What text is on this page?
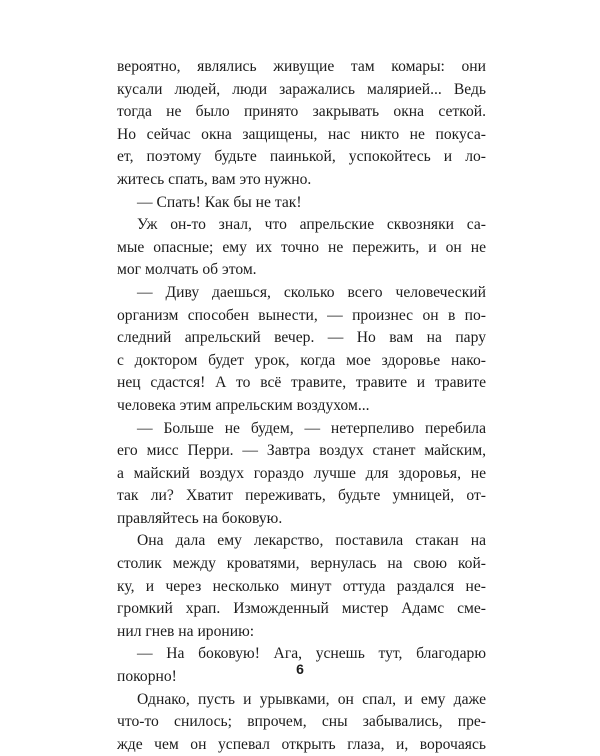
вероятно, являлись живущие там комары: они
кусали людей, люди заражались малярией... Ведь
тогда не было принято закрывать окна сеткой.
Но сейчас окна защищены, нас никто не покуса-
ет, поэтому будьте паинькой, успокойтесь и ло-
житесь спать, вам это нужно.
— Спать! Как бы не так!
Уж он-то знал, что апрельские сквозняки са-
мые опасные; ему их точно не пережить, и он не
мог молчать об этом.
— Диву даешься, сколько всего человеческий
организм способен вынести, — произнес он в по-
следний апрельский вечер. — Но вам на пару
с доктором будет урок, когда мое здоровье нако-
нец сдастся! А то всё травите, травите и травите
человека этим апрельским воздухом...
— Больше не будем, — нетерпеливо перебила
его мисс Перри. — Завтра воздух станет майским,
а майский воздух гораздо лучше для здоровья, не
так ли? Хватит переживать, будьте умницей, от-
правляйтесь на боковую.
Она дала ему лекарство, поставила стакан на
столик между кроватями, вернулась на свою кой-
ку, и через несколько минут оттуда раздался не-
громкий храп. Изможденный мистер Адамс сме-
нил гнев на иронию:
— На боковую! Ага, уснешь тут, благодарю
покорно!
Однако, пусть и урывками, он спал, и ему даже
что-то снилось; впрочем, сны забывались, пре-
жде чем он успевал открыть глаза, и, ворочаясь
6
